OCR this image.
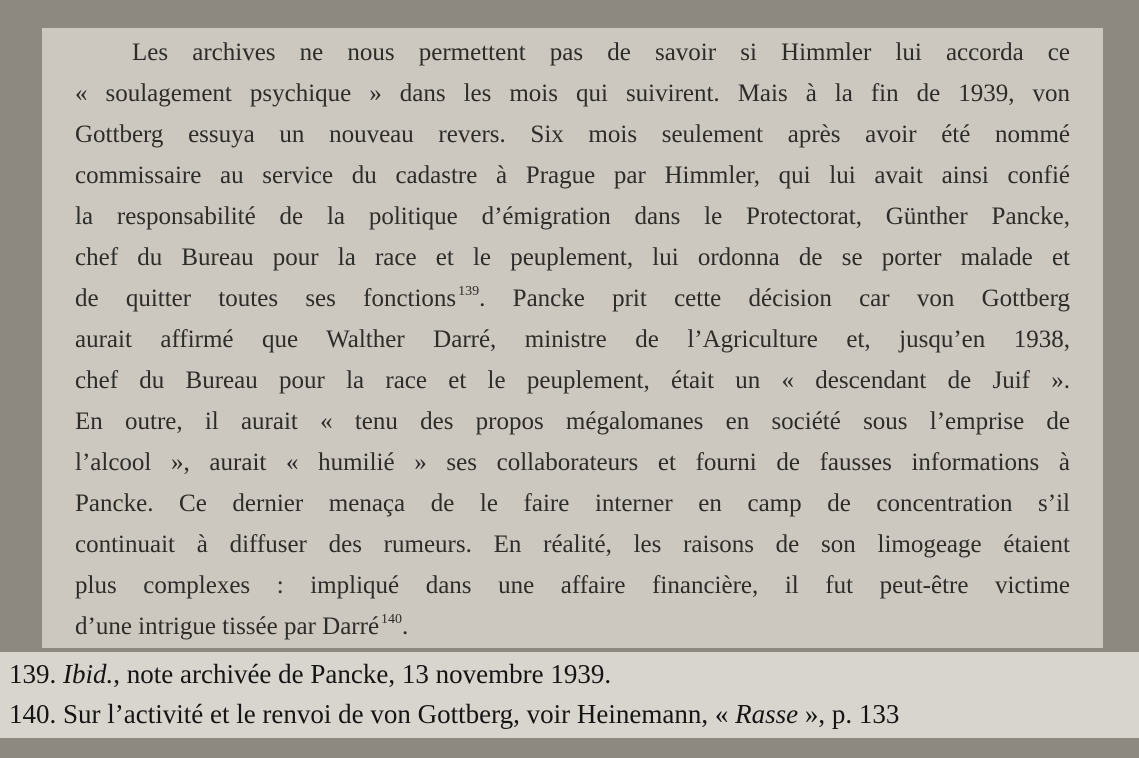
Les archives ne nous permettent pas de savoir si Himmler lui accorda ce
« soulagement psychique » dans les mois qui suivirent. Mais à la fin de 1939, von
Gottberg essuya un nouveau revers. Six mois seulement après avoir été nommé
commissaire au service du cadastre à Prague par Himmler, qui lui avait ainsi confié
la responsabilité de la politique d’émigration dans le Protectorat, Günther Pancke,
chef du Bureau pour la race et le peuplement, lui ordonna de se porter malade et
de quitter toutes ses fonctions $^{139}$. Pancke prit cette décision car von Gottberg
aurait affirmé que Walther Darré, ministre de l’Agriculture et, jusqu’en 1938,
chef du Bureau pour la race et le peuplement, était un « descendant de Juif ».
En outre, il aurait « tenu des propos mégalomanes en société sous l’emprise de
l’alcool », aurait « humilié » ses collaborateurs et fourni de fausses informations à
Pancke. Ce dernier menaça de le faire interner en camp de concentration s’il
continuait à diffuser des rumeurs. En réalité, les raisons de son limogeage étaient
plus complexes : impliqué dans une affaire financière, il fut peut-être victime
d’une intrigue tissée par Darré $^{140}$.
139. Ibid., note archivée de Pancke, 13 novembre 1939.
140. Sur l’activité et le renvoi de von Gottberg, voir Heinemann, « Rasse », p. 133
